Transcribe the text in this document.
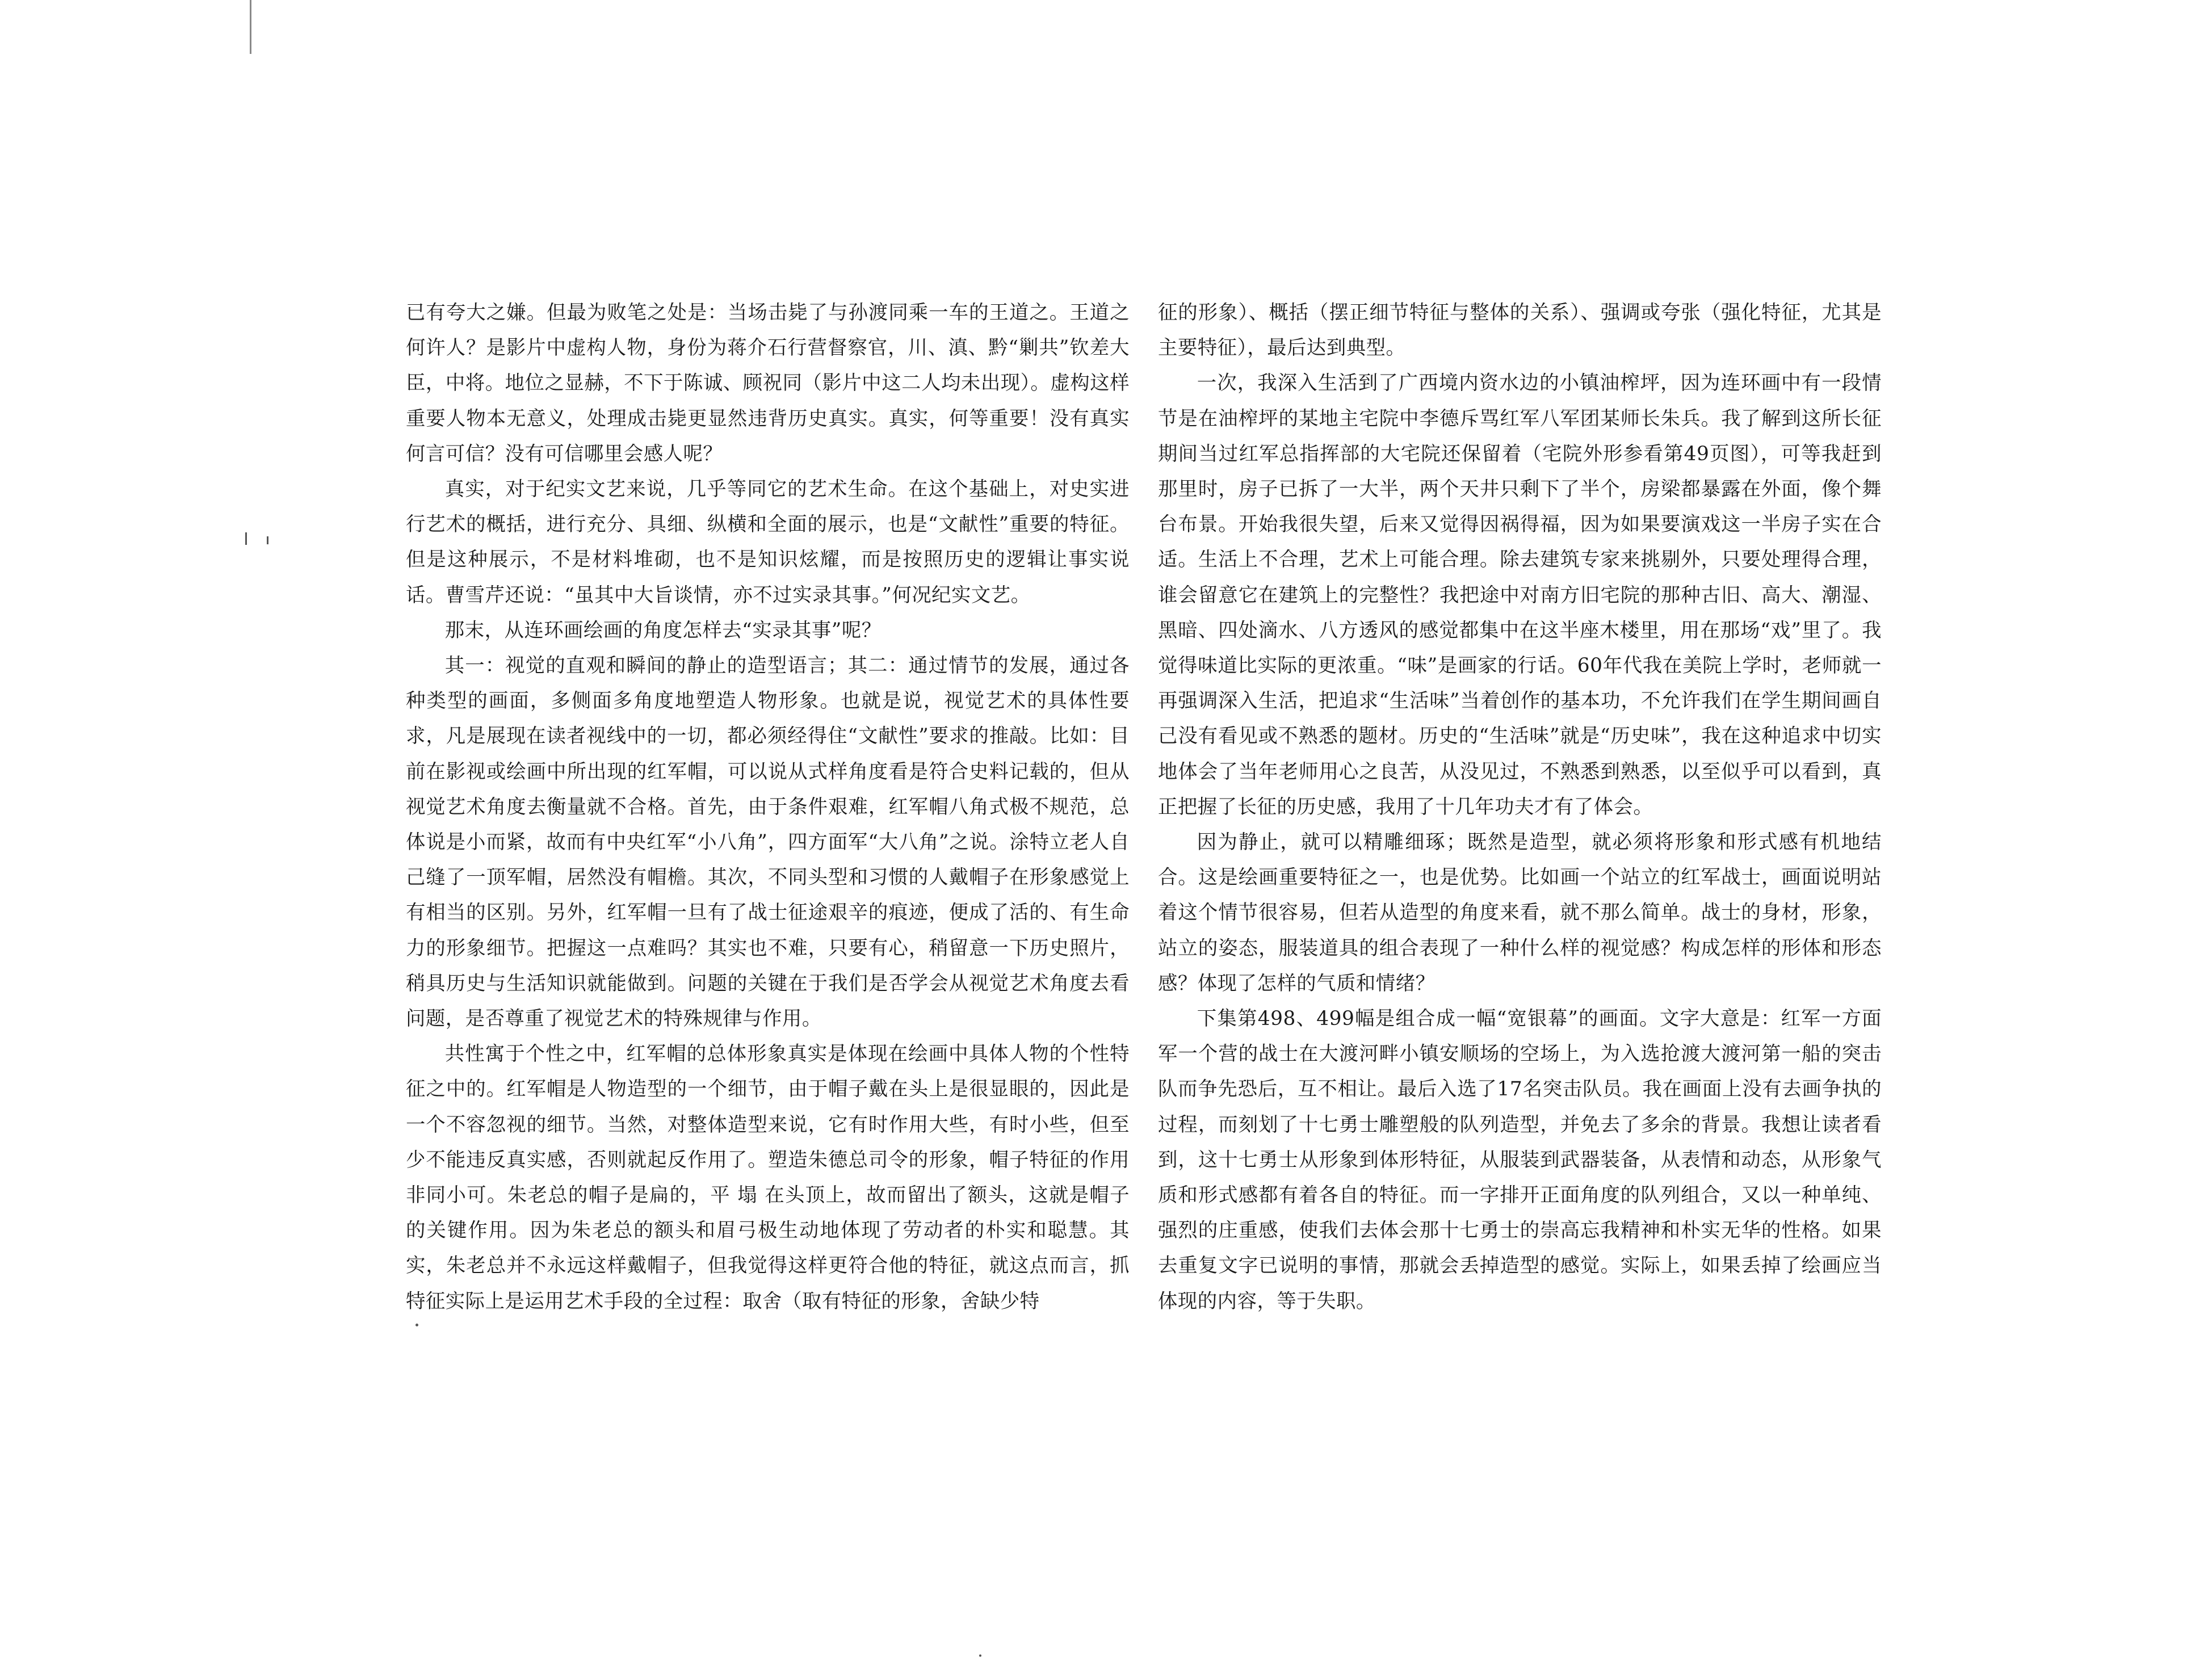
已有夸大之嫌。但最为败笔之处是：当场击毙了与孙渡同乘一车的王道之。王道之何许人？是影片中虚构人物，身份为蒋介石行营督察官，川、滇、黔“剿共”钦差大臣，中将。地位之显赫，不下于陈诚、顾祝同（影片中这二人均未出现）。虚构这样重要人物本无意义，处理成击毙更显然违背历史真实。真实，何等重要！没有真实何言可信？没有可信哪里会感人呢？

真实，对于纪实文艺来说，几乎等同它的艺术生命。在这个基础上，对史实进行艺术的概括，进行充分、具细、纵横和全面的展示，也是“文献性”重要的特征。但是这种展示，不是材料堆砌，也不是知识炫耀，而是按照历史的逻辑让事实说话。曹雪芹还说：“虽其中大旨谈情，亦不过实录其事。”何况纪实文艺。

那末，从连环画绘画的角度怎样去“实录其事”呢？

其一：视觉的直观和瞬间的静止的造型语言；其二：通过情节的发展，通过各种类型的画面，多侧面多角度地塑造人物形象。也就是说，视觉艺术的具体性要求，凡是展现在读者视线中的一切，都必须经得住“文献性”要求的推敲。比如：目前在影视或绘画中所出现的红军帽，可以说从式样角度看是符合史料记载的，但从视觉艺术角度去衡量就不合格。首先，由于条件艰难，红军帽八角式极不规范，总体说是小而紧，故而有中央红军“小八角”，四方面军“大八角”之说。涂特立老人自己缝了一顶军帽，居然没有帽檐。其次，不同头型和习惯的人戴帽子在形象感觉上有相当的区别。另外，红军帽一旦有了战士征途艰辛的痕迹，便成了活的、有生命力的形象细节。把握这一点难吗？其实也不难，只要有心，稍留意一下历史照片，稍具历史与生活知识就能做到。问题的关键在于我们是否学会从视觉艺术角度去看问题，是否尊重了视觉艺术的特殊规律与作用。

共性寓于个性之中，红军帽的总体形象真实是体现在绘画中具体人物的个性特征之中的。红军帽是人物造型的一个细节，由于帽子戴在头上是很显眼的，因此是一个不容忽视的细节。当然，对整体造型来说，它有时作用大些，有时小些，但至少不能违反真实感，否则就起反作用了。塑造朱德总司令的形象，帽子特征的作用非同小可。朱老总的帽子是扁的，平 塌 在头顶上，故而留出了额头，这就是帽子的关键作用。因为朱老总的额头和眉弓极生动地体现了劳动者的朴实和聪慧。其实，朱老总并不永远这样戴帽子，但我觉得这样更符合他的特征，就这点而言，抓特征实际上是运用艺术手段的全过程：取舍（取有特征的形象，舍缺少特

征的形象）、概括（摆正细节特征与整体的关系）、强调或夸张（强化特征，尤其是主要特征），最后达到典型。

一次，我深入生活到了广西境内资水边的小镇油榨坪，因为连环画中有一段情节是在油榨坪的某地主宅院中李德斥骂红军八军团某师长朱兵。我了解到这所长征期间当过红军总指挥部的大宅院还保留着（宅院外形参看第49页图），可等我赶到那里时，房子已拆了一大半，两个天井只剩下了半个，房梁都暴露在外面，像个舞台布景。开始我很失望，后来又觉得因祸得福，因为如果要演戏这一半房子实在合适。生活上不合理，艺术上可能合理。除去建筑专家来挑剔外，只要处理得合理，谁会留意它在建筑上的完整性？我把途中对南方旧宅院的那种古旧、高大、潮湿、黑暗、四处滴水、八方透风的感觉都集中在这半座木楼里，用在那场“戏”里了。我觉得味道比实际的更浓重。“味”是画家的行话。60年代我在美院上学时，老师就一再强调深入生活，把追求“生活味”当着创作的基本功，不允许我们在学生期间画自己没有看见或不熟悉的题材。历史的“生活味”就是“历史味”，我在这种追求中切实地体会了当年老师用心之良苦，从没见过，不熟悉到熟悉，以至似乎可以看到，真正把握了长征的历史感，我用了十几年功夫才有了体会。

因为静止，就可以精雕细琢；既然是造型，就必须将形象和形式感有机地结合。这是绘画重要特征之一，也是优势。比如画一个站立的红军战士，画面说明站着这个情节很容易，但若从造型的角度来看，就不那么简单。战士的身材，形象，站立的姿态，服装道具的组合表现了一种什么样的视觉感？构成怎样的形体和形态感？体现了怎样的气质和情绪？

下集第498、499幅是组合成一幅“宽银幕”的画面。文字大意是：红军一方面军一个营的战士在大渡河畔小镇安顺场的空场上，为入选抢渡大渡河第一船的突击队而争先恐后，互不相让。最后入选了17名突击队员。我在画面上没有去画争执的过程，而刻划了十七勇士雕塑般的队列造型，并免去了多余的背景。我想让读者看到，这十七勇士从形象到体形特征，从服装到武器装备，从表情和动态，从形象气质和形式感都有着各自的特征。而一字排开正面角度的队列组合，又以一种单纯、强烈的庄重感，使我们去体会那十七勇士的崇高忘我精神和朴实无华的性格。如果去重复文字已说明的事情，那就会丢掉造型的感觉。实际上，如果丢掉了绘画应当体现的内容，等于失职。
